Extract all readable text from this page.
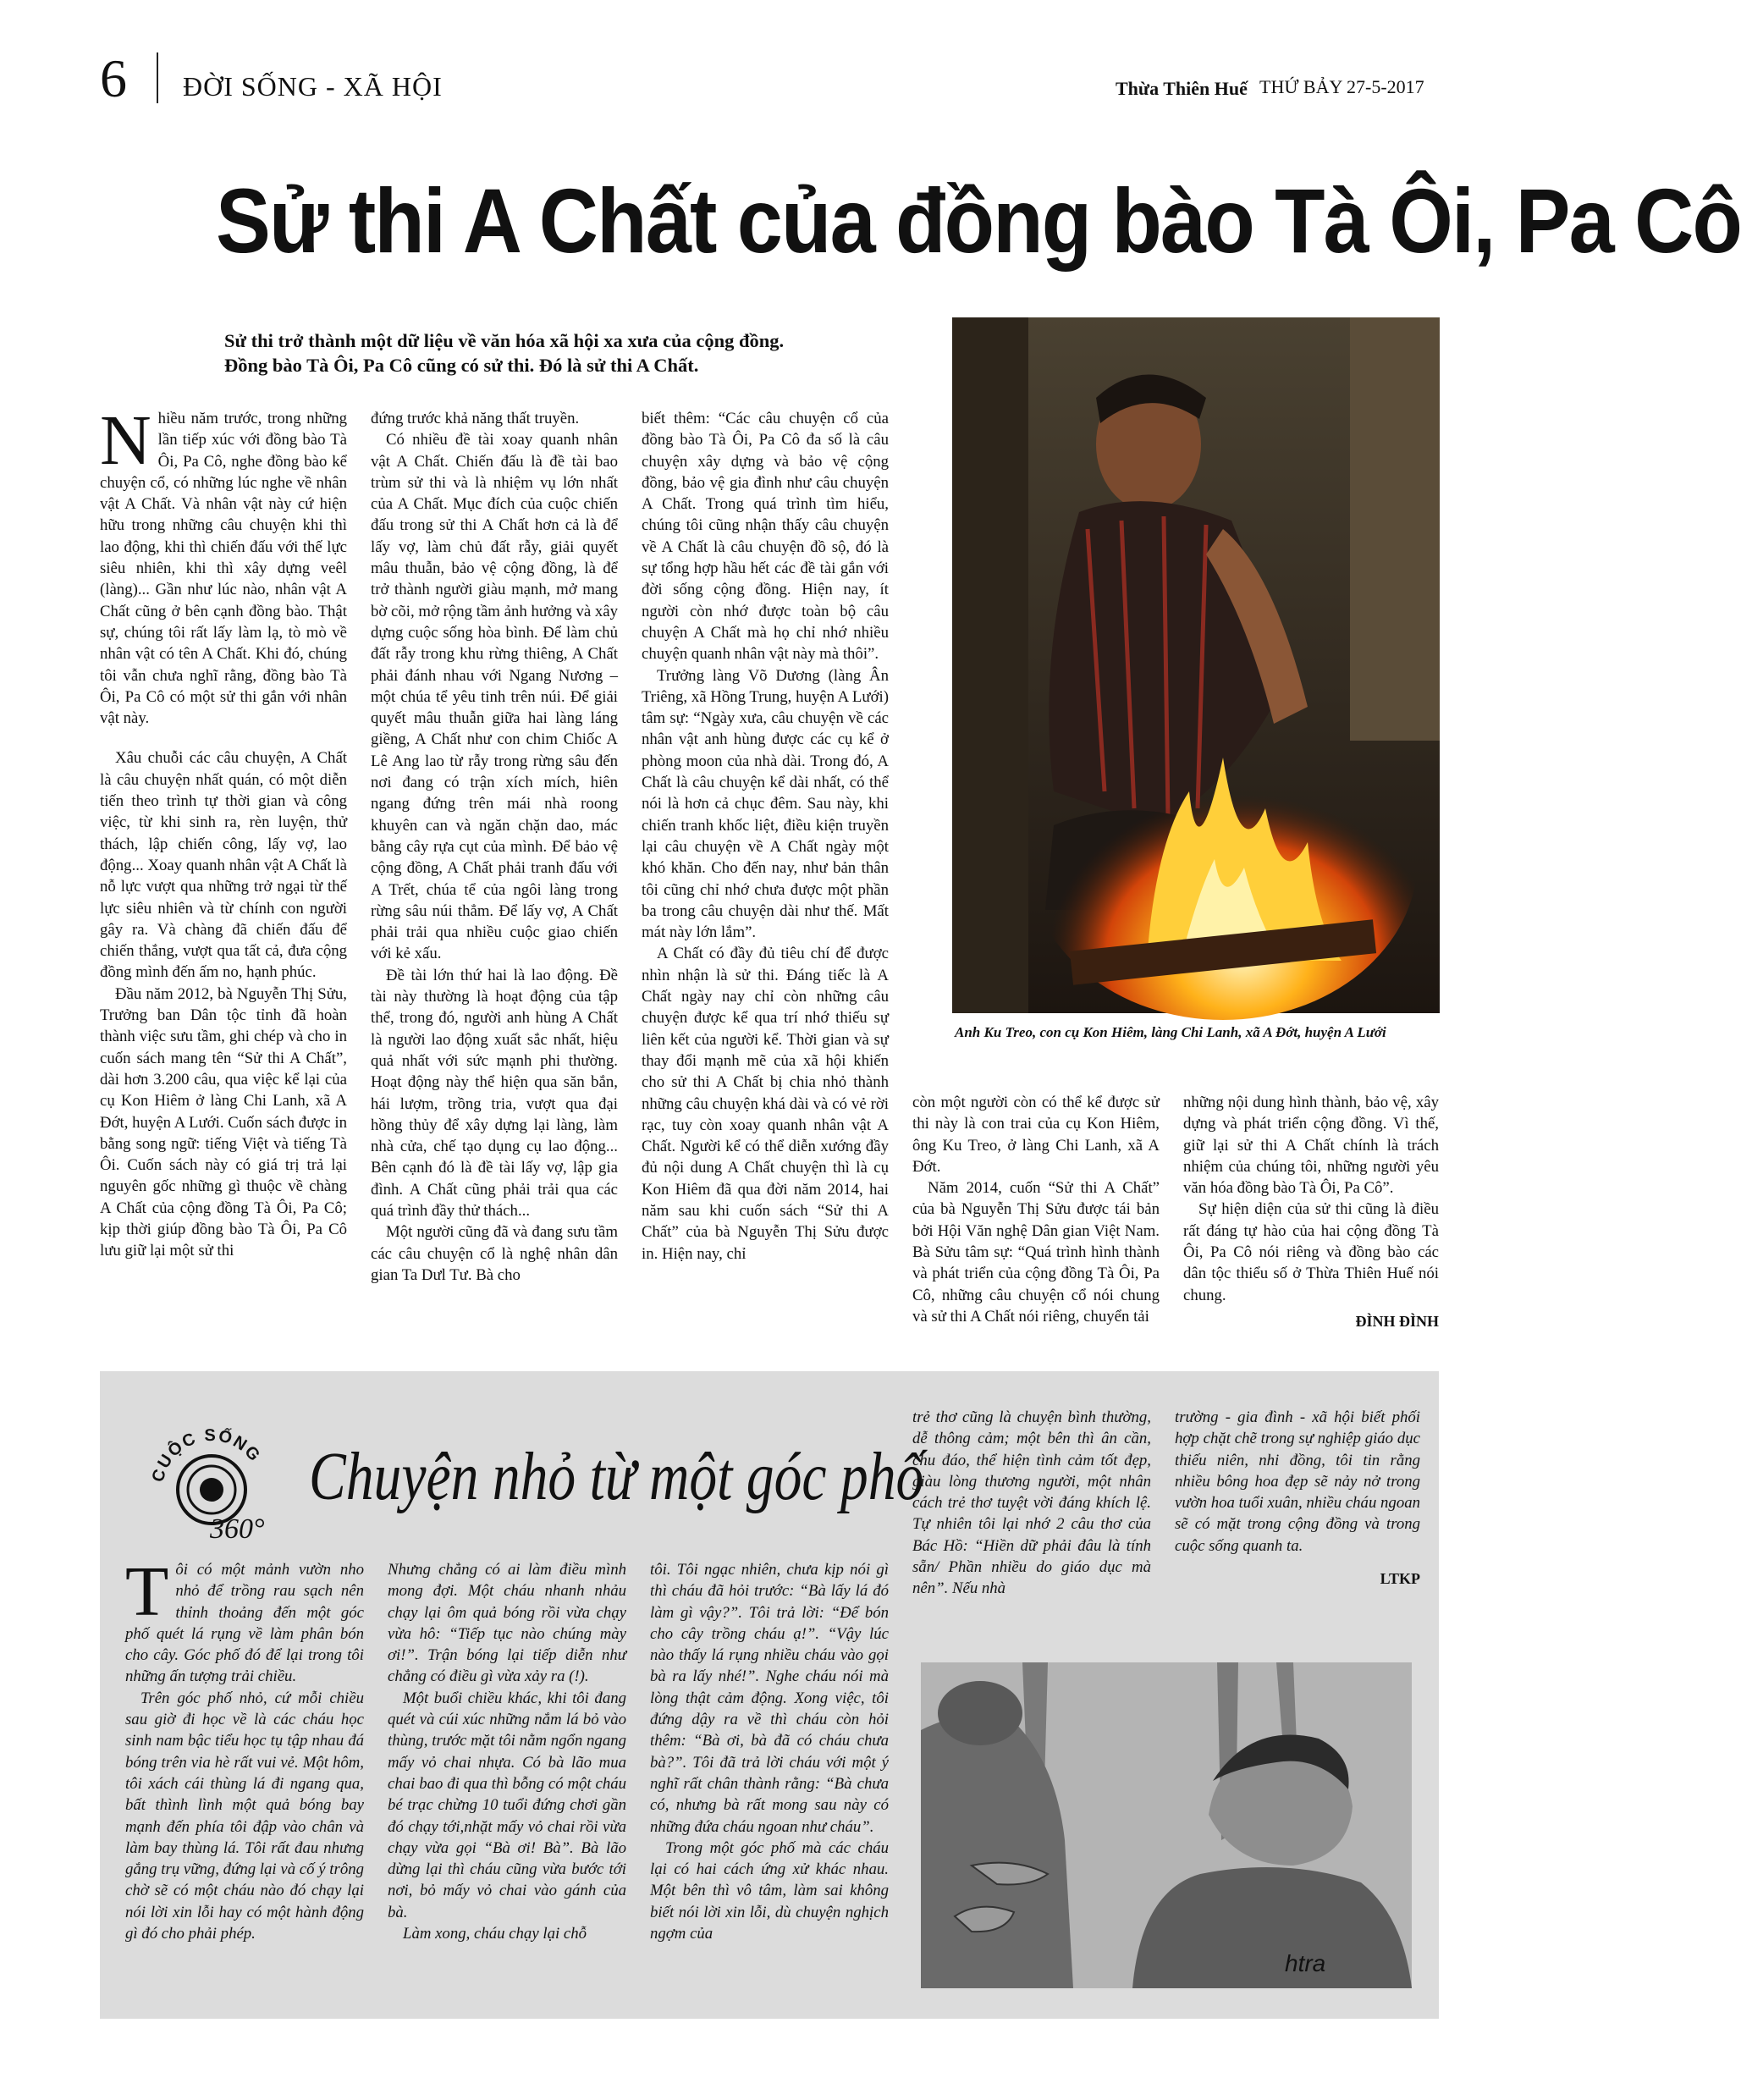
6 ĐỜI SỐNG - XÃ HỘI	Thừa Thiên Huế THỨ BẢY 27-5-2017
Sử thi A Chất của đồng bào Tà Ôi, Pa Cô
Sử thi trở thành một dữ liệu về văn hóa xã hội xa xưa của cộng đồng.
Đồng bào Tà Ôi, Pa Cô cũng có sử thi. Đó là sử thi A Chất.

Nhiều năm trước, trong những lần tiếp xúc với đồng bào Tà Ôi, Pa Cô, nghe đồng bào kể chuyện cổ, có những lúc nghe về nhân vật A Chất. Và nhân vật này cứ hiện hữu trong những câu chuyện khi thì lao động, khi thì chiến đấu với thế lực siêu nhiên, khi thì xây dựng veêl (làng)... Gần như lúc nào, nhân vật A Chất cũng ở bên cạnh đồng bào. Thật sự, chúng tôi rất lấy làm lạ, tò mò về nhân vật có tên A Chất. Khi đó, chúng tôi vẫn chưa nghĩ rằng, đồng bào Tà Ôi, Pa Cô có một sử thi gắn với nhân vật này.

Xâu chuỗi các câu chuyện, A Chất là câu chuyện nhất quán, có một diễn tiến theo trình tự thời gian và công việc, từ khi sinh ra, rèn luyện, thử thách, lập chiến công, lấy vợ, lao động... Xoay quanh nhân vật A Chất là nỗ lực vượt qua những trở ngại từ thế lực siêu nhiên và từ chính con người gây ra. Và chàng đã chiến đấu để chiến thắng, vượt qua tất cả, đưa cộng đồng mình đến ấm no, hạnh phúc.

Đầu năm 2012, bà Nguyễn Thị Sửu, Trưởng ban Dân tộc tỉnh đã hoàn thành việc sưu tầm, ghi chép và cho in cuốn sách mang tên “Sử thi A Chất”, dài hơn 3.200 câu, qua việc kể lại của cụ Kon Hiêm ở làng Chi Lanh, xã A Đớt, huyện A Lưới. Cuốn sách được in bằng song ngữ: tiếng Việt và tiếng Tà Ôi. Cuốn sách này có giá trị trả lại nguyên gốc những gì thuộc về chàng A Chất của cộng đồng Tà Ôi, Pa Cô; kịp thời giúp đồng bào Tà Ôi, Pa Cô lưu giữ lại một sử thi

đứng trước khả năng thất truyền.

Có nhiều đề tài xoay quanh nhân vật A Chất. Chiến đấu là đề tài bao trùm sử thi và là nhiệm vụ lớn nhất của A Chất. Mục đích của cuộc chiến đấu trong sử thi A Chất hơn cả là để lấy vợ, làm chủ đất rẫy, giải quyết mâu thuẫn, bảo vệ cộng đồng, là để trở thành người giàu mạnh, mở mang bờ cõi, mở rộng tầm ảnh hưởng và xây dựng cuộc sống hòa bình. Để làm chủ đất rẫy trong khu rừng thiêng, A Chất phải đánh nhau với Ngang Nương – một chúa tể yêu tinh trên núi. Để giải quyết mâu thuẫn giữa hai làng láng giềng, A Chất như con chim Chiốc A Lê Ang lao từ rẫy trong rừng sâu đến nơi đang có trận xích mích, hiên ngang đứng trên mái nhà roong khuyên can và ngăn chặn dao, mác bằng cây rựa cụt của mình. Để bảo vệ cộng đồng, A Chất phải tranh đấu với A Trết, chúa tể của ngôi làng trong rừng sâu núi thẳm. Để lấy vợ, A Chất phải trải qua nhiều cuộc giao chiến với kẻ xấu.

Đề tài lớn thứ hai là lao động. Đề tài này thường là hoạt động của tập thể, trong đó, người anh hùng A Chất là người lao động xuất sắc nhất, hiệu quả nhất với sức mạnh phi thường. Hoạt động này thể hiện qua săn bắn, hái lượm, trồng tria, vượt qua đại hồng thủy để xây dựng lại làng, làm nhà cửa, chế tạo dụng cụ lao động... Bên cạnh đó là đề tài lấy vợ, lập gia đình. A Chất cũng phải trải qua các quá trình đầy thử thách...

Một người cũng đã và đang sưu tầm các câu chuyện cổ là nghệ nhân dân gian Ta Dưl Tư. Bà cho

biết thêm: “Các câu chuyện cổ của đồng bào Tà Ôi, Pa Cô đa số là câu chuyện xây dựng và bảo vệ cộng đồng, bảo vệ gia đình như câu chuyện A Chất. Trong quá trình tìm hiểu, chúng tôi cũng nhận thấy câu chuyện về A Chất là câu chuyện đồ sộ, đó là sự tổng hợp hầu hết các đề tài gắn với đời sống cộng đồng. Hiện nay, ít người còn nhớ được toàn bộ câu chuyện A Chất mà họ chỉ nhớ nhiều chuyện quanh nhân vật này mà thôi”.

Trưởng làng Võ Dương (làng Ân Triêng, xã Hồng Trung, huyện A Lưới) tâm sự: “Ngày xưa, câu chuyện về các nhân vật anh hùng được các cụ kể ở phòng moon của nhà dài. Trong đó, A Chất là câu chuyện kể dài nhất, có thể nói là hơn cả chục đêm. Sau này, khi chiến tranh khốc liệt, điều kiện truyền lại câu chuyện về A Chất ngày một khó khăn. Cho đến nay, như bản thân tôi cũng chỉ nhớ chưa được một phần ba trong câu chuyện dài như thế. Mất mát này lớn lắm”.

A Chất có đầy đủ tiêu chí để được nhìn nhận là sử thi. Đáng tiếc là A Chất ngày nay chỉ còn những câu chuyện được kể qua trí nhớ thiếu sự liên kết của người kể. Thời gian và sự thay đổi mạnh mẽ của xã hội khiến cho sử thi A Chất bị chia nhỏ thành những câu chuyện khá dài và có vẻ rời rạc, tuy còn xoay quanh nhân vật A Chất. Người kể có thể diễn xướng đầy đủ nội dung A Chất chuyện thì là cụ Kon Hiêm đã qua đời năm 2014, hai năm sau khi cuốn sách “Sử thi A Chất” của bà Nguyễn Thị Sửu được in. Hiện nay, chỉ

Anh Ku Treo, con cụ Kon Hiêm, làng Chi Lanh, xã A Đớt, huyện A Lưới

còn một người còn có thể kể được sử thi này là con trai của cụ Kon Hiêm, ông Ku Treo, ở làng Chi Lanh, xã A Đớt.

Năm 2014, cuốn “Sử thi A Chất” của bà Nguyễn Thị Sửu được tái bản bởi Hội Văn nghệ Dân gian Việt Nam. Bà Sửu tâm sự: “Quá trình hình thành và phát triển của cộng đồng Tà Ôi, Pa Cô, những câu chuyện cổ nói chung và sử thi A Chất nói riêng, chuyển tải

những nội dung hình thành, bảo vệ, xây dựng và phát triển cộng đồng. Vì thế, giữ lại sử thi A Chất chính là trách nhiệm của chúng tôi, những người yêu văn hóa đồng bào Tà Ôi, Pa Cô”.

Sự hiện diện của sử thi cũng là điều rất đáng tự hào của hai cộng đồng Tà Ôi, Pa Cô nói riêng và đồng bào các dân tộc thiểu số ở Thừa Thiên Huế nói chung.

ĐÌNH ĐÌNH
CUỘC SỐNG
360°
Chuyện nhỏ từ một góc phố

Tôi có một mảnh vườn nho nhỏ để trồng rau sạch nên thỉnh thoảng đến một góc phố quét lá rụng về làm phân bón cho cây. Góc phố đó để lại trong tôi những ấn tượng trải chiều.

Trên góc phố nhỏ, cứ mỗi chiều sau giờ đi học về là các cháu học sinh nam bậc tiểu học tụ tập nhau đá bóng trên via hè rất vui vẻ. Một hôm, tôi xách cái thùng lá đi ngang qua, bất thình lình một quả bóng bay mạnh đến phía tôi đập vào chân và làm bay thùng lá. Tôi rất đau nhưng gắng trụ vững, đứng lại và cố ý trông chờ sẽ có một cháu nào đó chạy lại nói lời xin lỗi hay có một hành động gì đó cho phải phép.

Nhưng chẳng có ai làm điều mình mong đợi. Một cháu nhanh nhảu chạy lại ôm quả bóng rồi vừa chạy vừa hô: “Tiếp tục nào chúng mày ơi!”. Trận bóng lại tiếp diễn như chẳng có điều gì vừa xảy ra (!).

Một buổi chiều khác, khi tôi đang quét và cúi xúc những nắm lá bỏ vào thùng, trước mặt tôi nằm ngổn ngang mấy vỏ chai nhựa. Có bà lão mua chai bao đi qua thì bỗng có một cháu bé trạc chừng 10 tuổi đứng chơi gần đó chạy tới,nhặt mấy vỏ chai rồi vừa chạy vừa gọi “Bà ơi! Bà”. Bà lão dừng lại thì cháu cũng vừa bước tới nơi, bỏ mấy vỏ chai vào gánh của bà.

Làm xong, cháu chạy lại chỗ

tôi. Tôi ngạc nhiên, chưa kịp nói gì thì cháu đã hỏi trước: “Bà lấy lá đó làm gì vậy?”. Tôi trả lời: “Để bón cho cây trồng cháu ạ!”. “Vậy lúc nào thấy lá rụng nhiều cháu vào gọi bà ra lấy nhé!”. Nghe cháu nói mà lòng thật cảm động. Xong việc, tôi đứng dậy ra về thì cháu còn hỏi thêm: “Bà ơi, bà đã có cháu chưa bà?”. Tôi đã trả lời cháu với một ý nghĩ rất chân thành rằng: “Bà chưa có, nhưng bà rất mong sau này có những đứa cháu ngoan như cháu”.

Trong một góc phố mà các cháu lại có hai cách ứng xử khác nhau. Một bên thì vô tâm, làm sai không biết nói lời xin lỗi, dù chuyện nghịch ngợm của

trẻ thơ cũng là chuyện bình thường, dễ thông cảm; một bên thì ân cần, chu đáo, thể hiện tình cảm tốt đẹp, giàu lòng thương người, một nhân cách trẻ thơ tuyệt vời đáng khích lệ. Tự nhiên tôi lại nhớ 2 câu thơ của Bác Hồ: “Hiền dữ phải đâu là tính sẵn/ Phần nhiều do giáo dục mà nên”. Nếu nhà

trường - gia đình - xã hội biết phối hợp chặt chẽ trong sự nghiệp giáo dục thiếu niên, nhi đồng, tôi tin rằng nhiều bông hoa đẹp sẽ nảy nở trong vườn hoa tuổi xuân, nhiều cháu ngoan sẽ có mặt trong cộng đồng và trong cuộc sống quanh ta.

LTKP
htra
